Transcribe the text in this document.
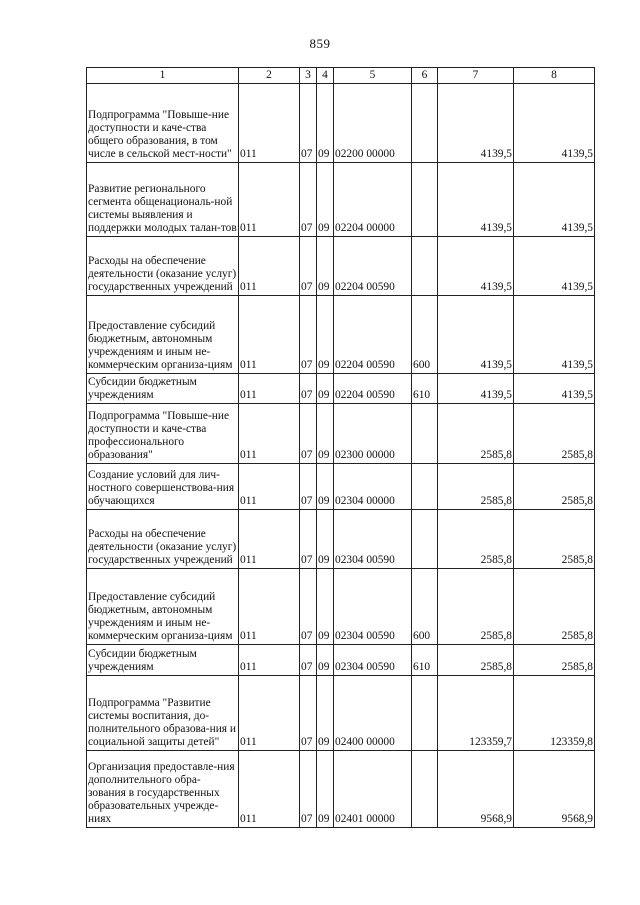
859
1	2	3	4	5	6	7	8
Подпрограмма "Повыше-ние доступности и каче-ства общего образования, в том числе в сельской мест-ности"	011	07	09	02200 00000		4139,5	4139,5
Развитие регионального сегмента общенациональ-ной системы выявления и поддержки молодых талан-тов	011	07	09	02204 00000		4139,5	4139,5
Расходы на обеспечение деятельности (оказание услуг) государственных учреждений	011	07	09	02204 00590		4139,5	4139,5
Предоставление субсидий бюджетным, автономным учреждениям и иным не-коммерческим организа-циям	011	07	09	02204 00590	600	4139,5	4139,5
Субсидии бюджетным учреждениям	011	07	09	02204 00590	610	4139,5	4139,5
Подпрограмма "Повыше-ние доступности и каче-ства профессионального образования"	011	07	09	02300 00000		2585,8	2585,8
Создание условий для лич-ностного совершенствова-ния обучающихся	011	07	09	02304 00000		2585,8	2585,8
Расходы на обеспечение деятельности (оказание услуг) государственных учреждений	011	07	09	02304 00590		2585,8	2585,8
Предоставление субсидий бюджетным, автономным учреждениям и иным не-коммерческим организа-циям	011	07	09	02304 00590	600	2585,8	2585,8
Субсидии бюджетным учреждениям	011	07	09	02304 00590	610	2585,8	2585,8
Подпрограмма "Развитие системы воспитания, до-полнительного образова-ния и социальной защиты детей"	011	07	09	02400 00000		123359,7	123359,8
Организация предоставле-ния дополнительного обра-зования в государственных образовательных учрежде-ниях	011	07	09	02401 00000		9568,9	9568,9
